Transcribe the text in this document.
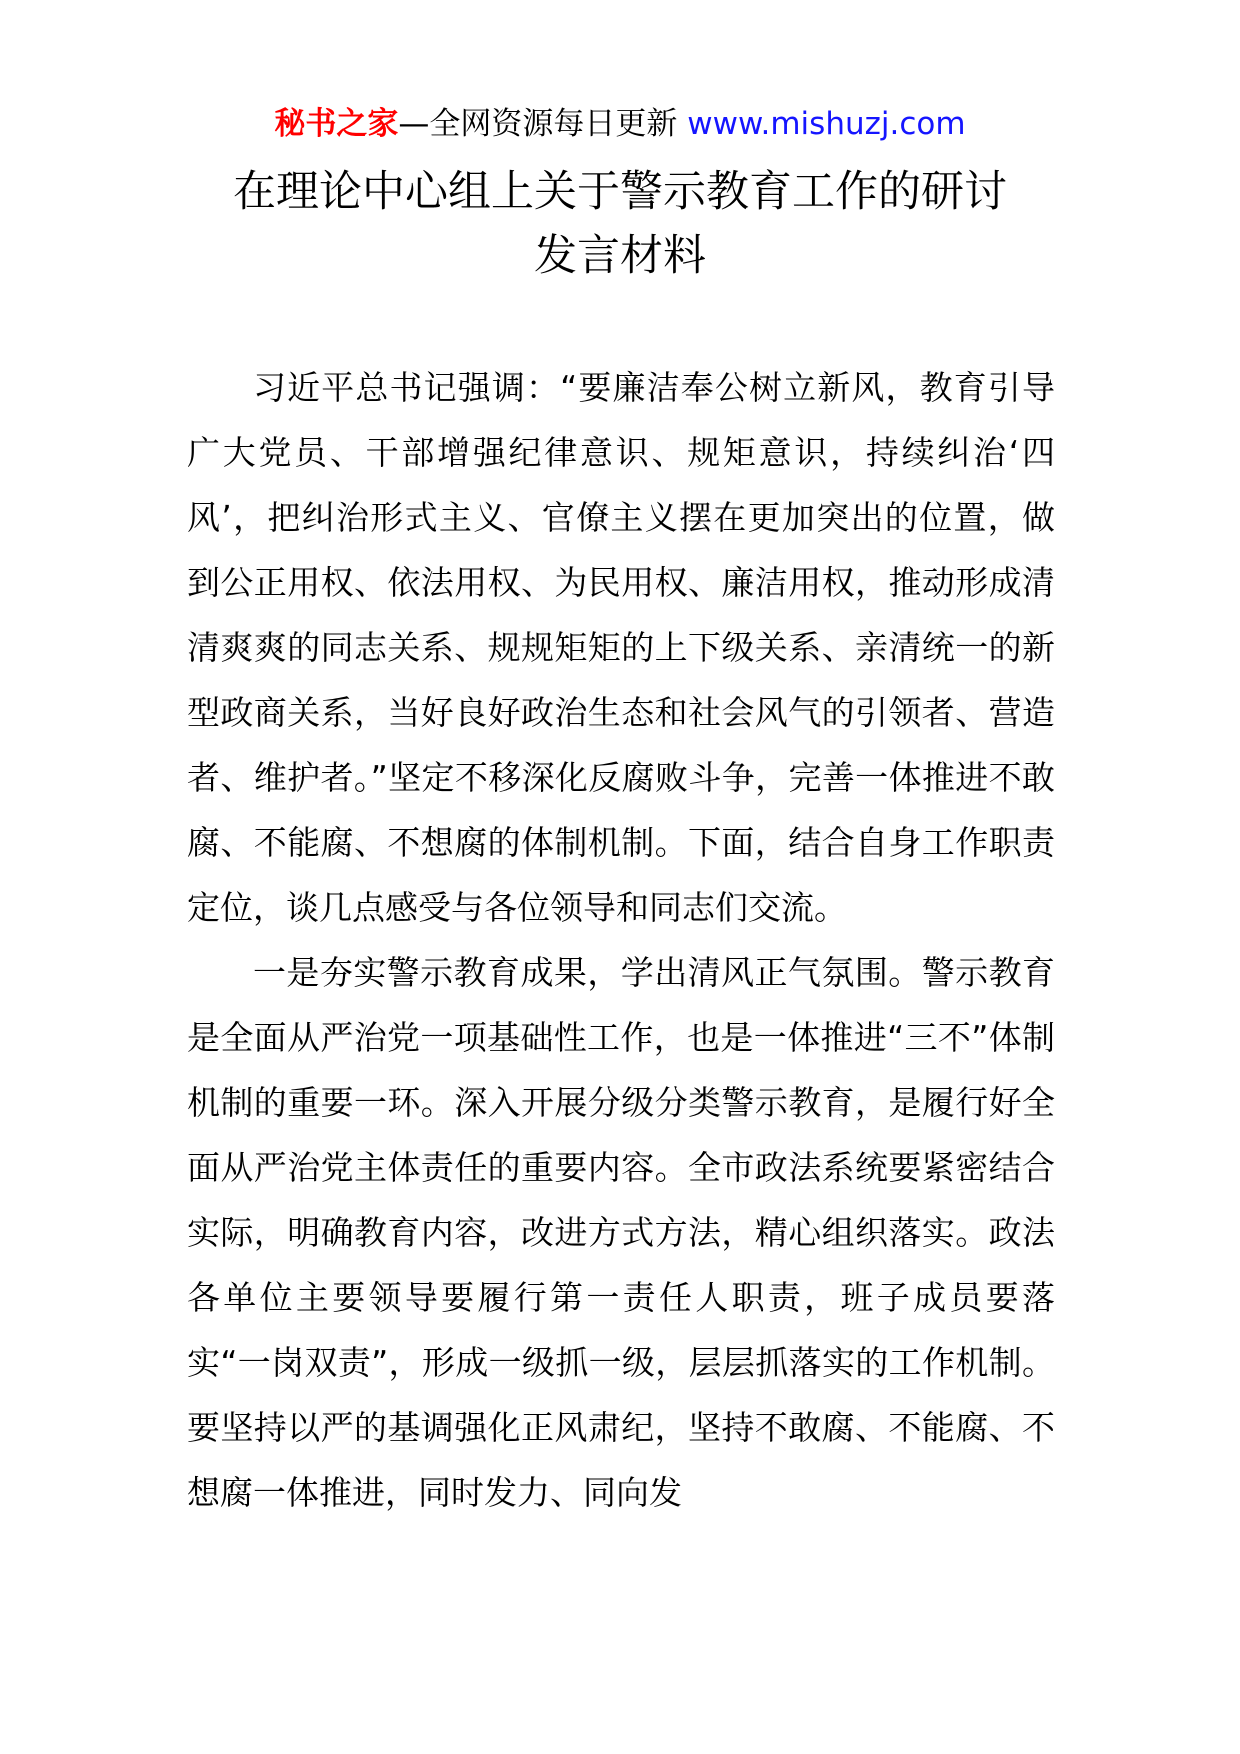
秘书之家—全网资源每日更新 www.mishuzj.com
在理论中心组上关于警示教育工作的研讨
发言材料

习近平总书记强调：“要廉洁奉公树立新风，教育引导广大党员、干部增强纪律意识、规矩意识，持续纠治‘四风’，把纠治形式主义、官僚主义摆在更加突出的位置，做到公正用权、依法用权、为民用权、廉洁用权，推动形成清清爽爽的同志关系、规规矩矩的上下级关系、亲清统一的新型政商关系，当好良好政治生态和社会风气的引领者、营造者、维护者。”坚定不移深化反腐败斗争，完善一体推进不敢腐、不能腐、不想腐的体制机制。下面，结合自身工作职责定位，谈几点感受与各位领导和同志们交流。

一是夯实警示教育成果，学出清风正气氛围。警示教育是全面从严治党一项基础性工作，也是一体推进“三不”体制机制的重要一环。深入开展分级分类警示教育，是履行好全面从严治党主体责任的重要内容。全市政法系统要紧密结合实际，明确教育内容，改进方式方法，精心组织落实。政法各单位主要领导要履行第一责任人职责，班子成员要落实“一岗双责”，形成一级抓一级，层层抓落实的工作机制。要坚持以严的基调强化正风肃纪，坚持不敢腐、不能腐、不想腐一体推进，同时发力、同向发
